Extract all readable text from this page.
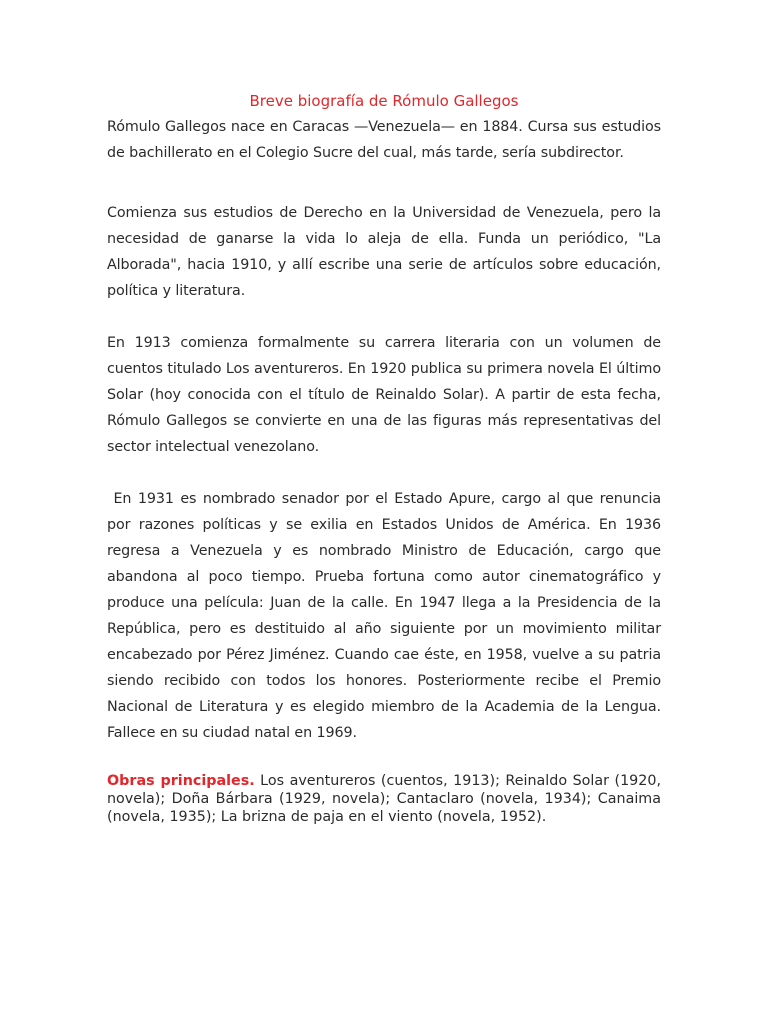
Breve biografía de Rómulo Gallegos

Rómulo Gallegos nace en Caracas —Venezuela— en 1884. Cursa sus estudios de bachillerato en el Colegio Sucre del cual, más tarde, sería subdirector.

Comienza sus estudios de Derecho en la Universidad de Venezuela, pero la necesidad de ganarse la vida lo aleja de ella. Funda un periódico, "La Alborada", hacia 1910, y allí escribe una serie de artículos sobre educación, política y literatura.

En 1913 comienza formalmente su carrera literaria con un volumen de cuentos titulado Los aventureros. En 1920 publica su primera novela El último Solar (hoy conocida con el título de Reinaldo Solar). A partir de esta fecha, Rómulo Gallegos se convierte en una de las figuras más representativas del sector intelectual venezolano.

En 1931 es nombrado senador por el Estado Apure, cargo al que renuncia por razones políticas y se exilia en Estados Unidos de América. En 1936 regresa a Venezuela y es nombrado Ministro de Educación, cargo que abandona al poco tiempo. Prueba fortuna como autor cinematográfico y produce una película: Juan de la calle. En 1947 llega a la Presidencia de la República, pero es destituido al año siguiente por un movimiento militar encabezado por Pérez Jiménez. Cuando cae éste, en 1958, vuelve a su patria siendo recibido con todos los honores. Posteriormente recibe el Premio Nacional de Literatura y es elegido miembro de la Academia de la Lengua. Fallece en su ciudad natal en 1969.

Obras principales. Los aventureros (cuentos, 1913); Reinaldo Solar (1920, novela); Doña Bárbara (1929, novela); Cantaclaro (novela, 1934); Canaima (novela, 1935); La brizna de paja en el viento (novela, 1952).
